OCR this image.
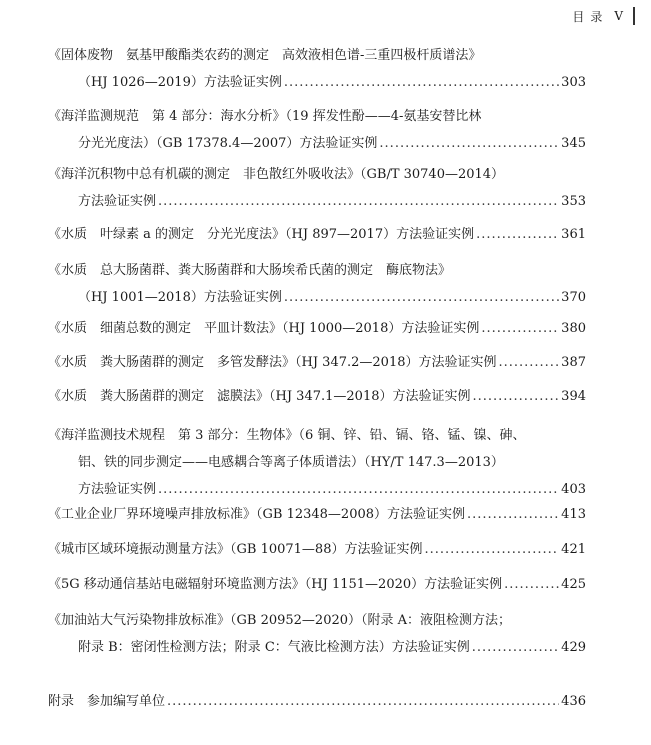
目录 V
《固体废物　氨基甲酸酯类农药的测定　高效液相色谱-三重四极杆质谱法》
（HJ 1026—2019）方法验证实例 .....	303
《海洋监测规范　第 4 部分：海水分析》（19 挥发性酚——4-氨基安替比林
分光光度法）（GB 17378.4—2007）方法验证实例 .....	345
《海洋沉积物中总有机碳的测定　非色散红外吸收法》（GB/T 30740—2014）
方法验证实例 .....	353
《水质　叶绿素 a 的测定　分光光度法》（HJ 897—2017）方法验证实例 .....	361
《水质　总大肠菌群、粪大肠菌群和大肠埃希氏菌的测定　酶底物法》
（HJ 1001—2018）方法验证实例 .....	370
《水质　细菌总数的测定　平皿计数法》（HJ 1000—2018）方法验证实例 .....	380
《水质　粪大肠菌群的测定　多管发酵法》（HJ 347.2—2018）方法验证实例 .....	387
《水质　粪大肠菌群的测定　滤膜法》（HJ 347.1—2018）方法验证实例 .....	394
《海洋监测技术规程　第 3 部分：生物体》（6 铜、锌、铅、镉、铬、锰、镍、砷、
铝、铁的同步测定——电感耦合等离子体质谱法）（HY/T 147.3—2013）
方法验证实例 .....	403
《工业企业厂界环境噪声排放标准》（GB 12348—2008）方法验证实例 .....	413
《城市区域环境振动测量方法》（GB 10071—88）方法验证实例 .....	421
《5G 移动通信基站电磁辐射环境监测方法》（HJ 1151—2020）方法验证实例 .....	425
《加油站大气污染物排放标准》（GB 20952—2020）（附录 A：液阻检测方法；
附录 B：密闭性检测方法；附录 C：气液比检测方法）方法验证实例 .....	429
附录　参加编写单位 .....	436
